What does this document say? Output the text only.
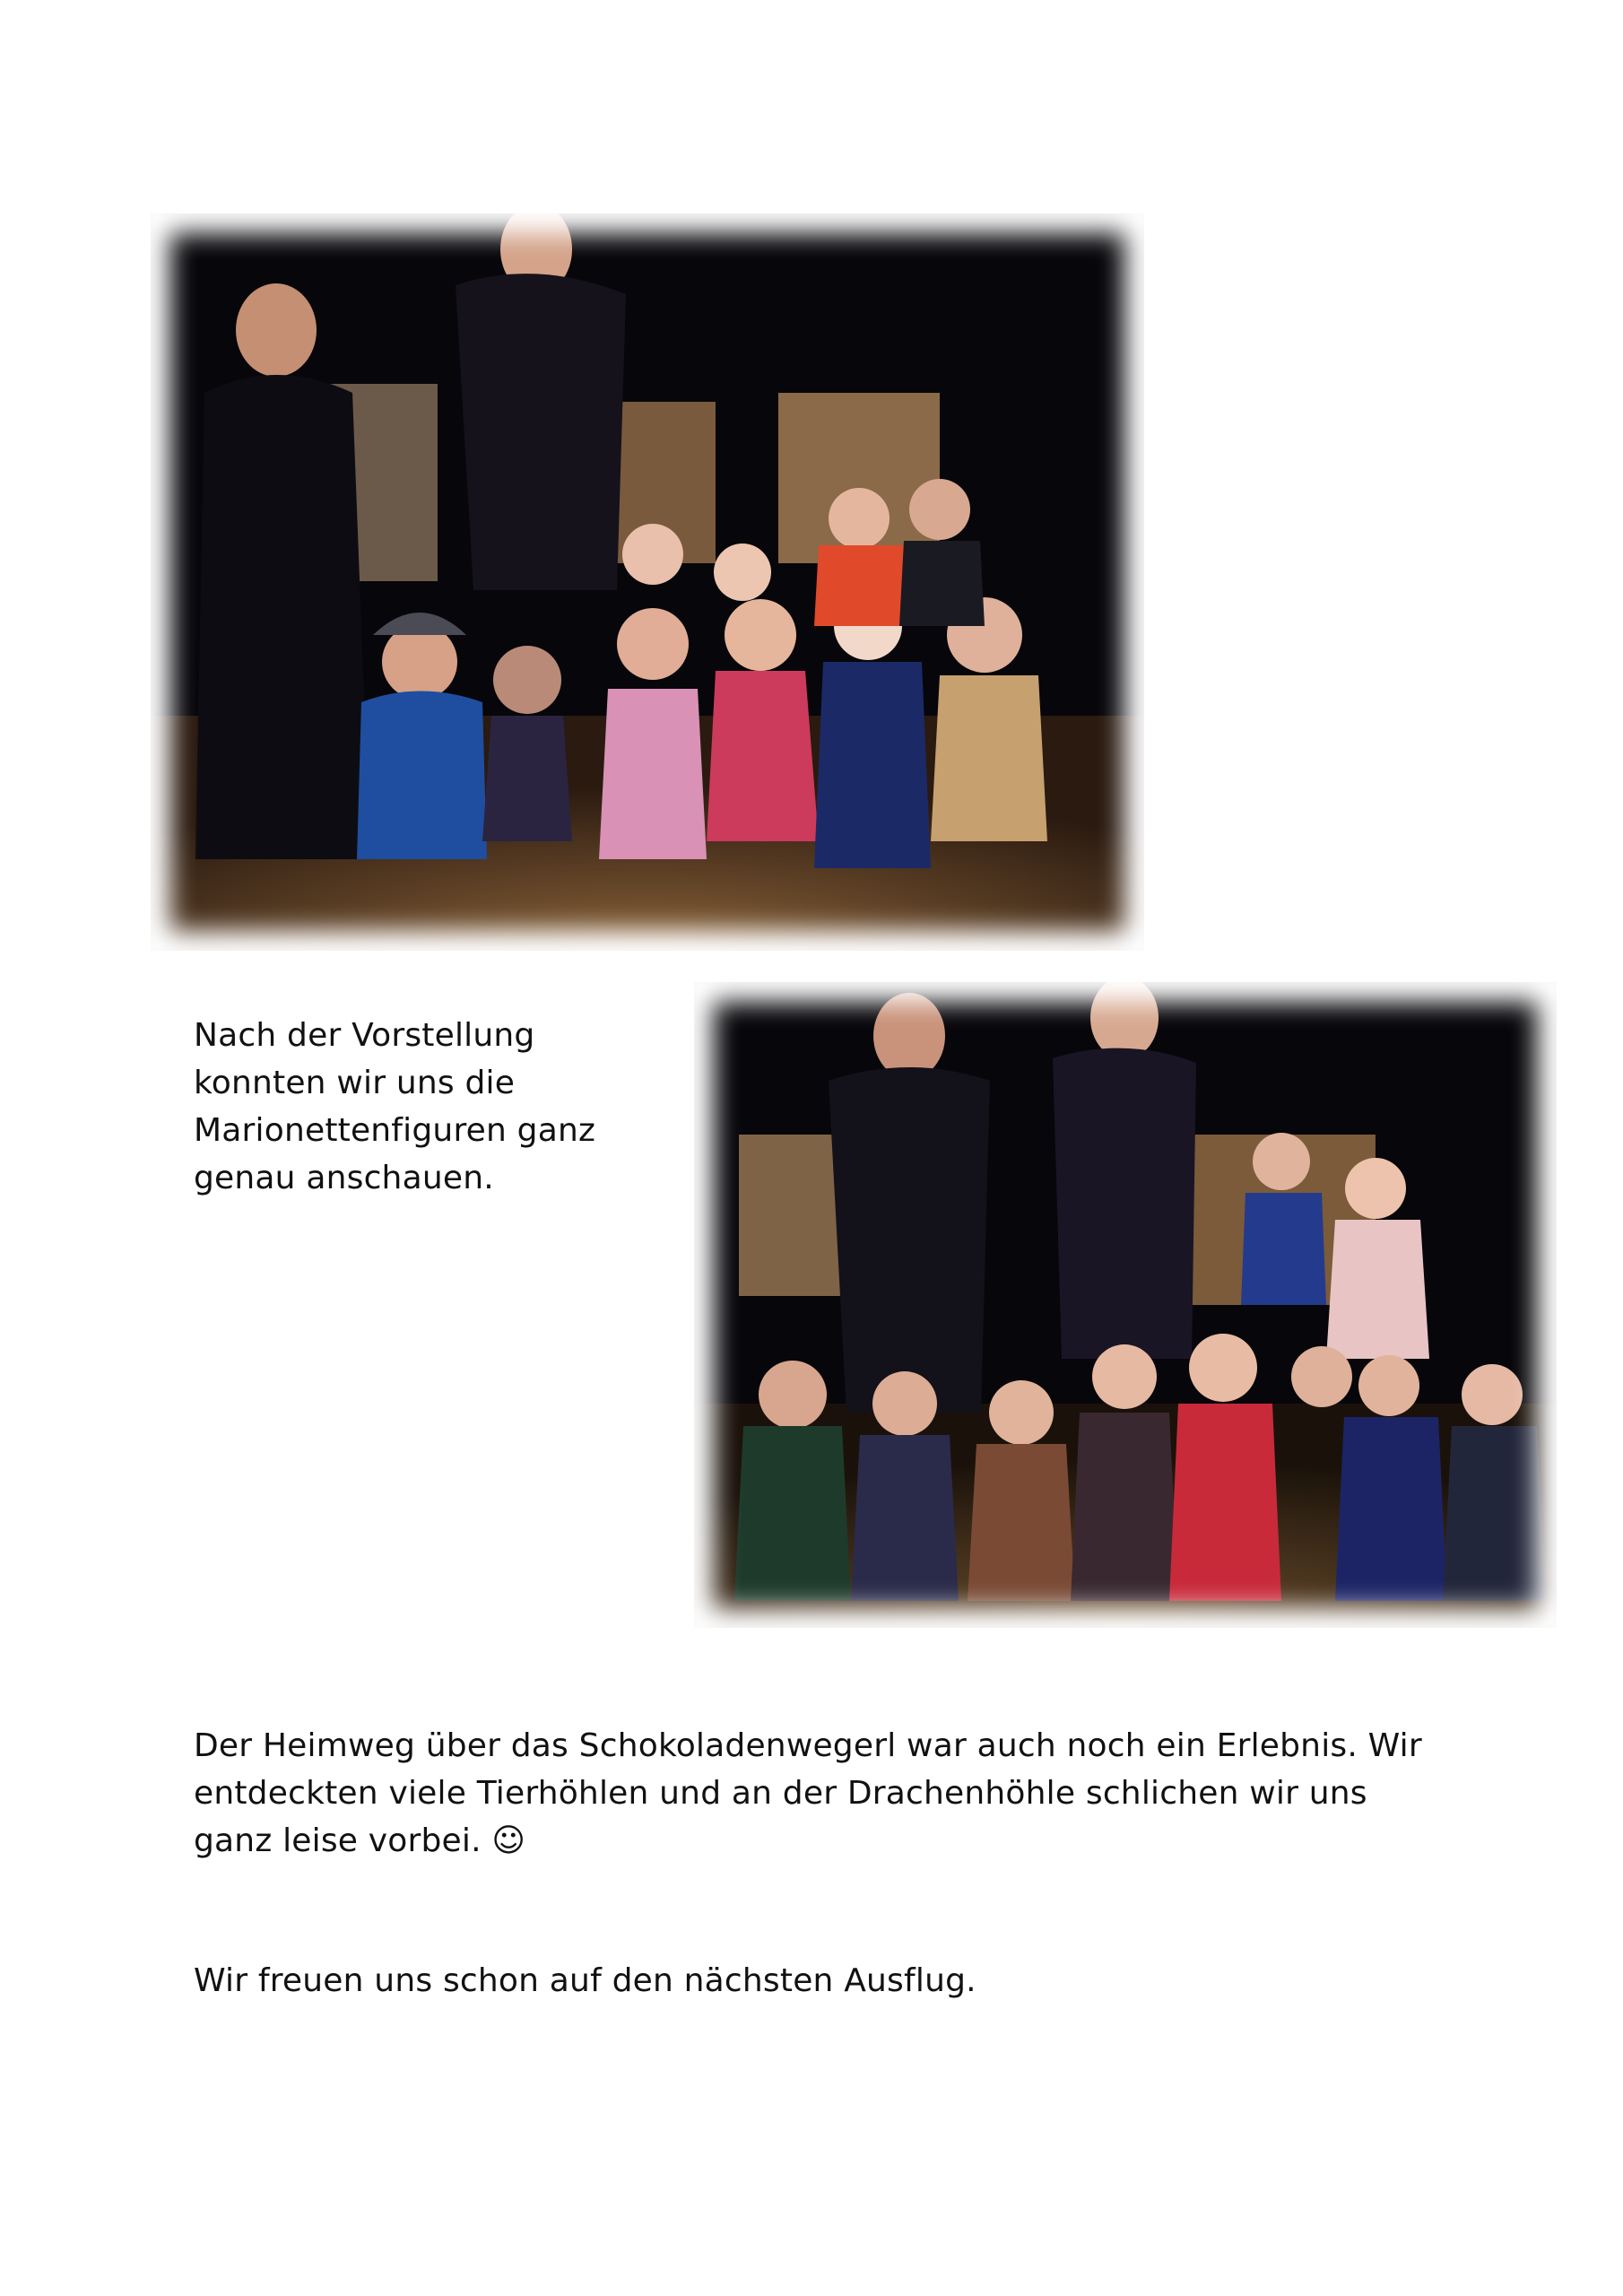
Nach der Vorstellung
konnten wir uns die
Marionettenfiguren ganz
genau anschauen.
Der Heimweg über das Schokoladenwegerl war auch noch ein Erlebnis. Wir
entdeckten viele Tierhöhlen und an der Drachenhöhle schlichen wir uns
ganz leise vorbei. ☺
Wir freuen uns schon auf den nächsten Ausflug.
